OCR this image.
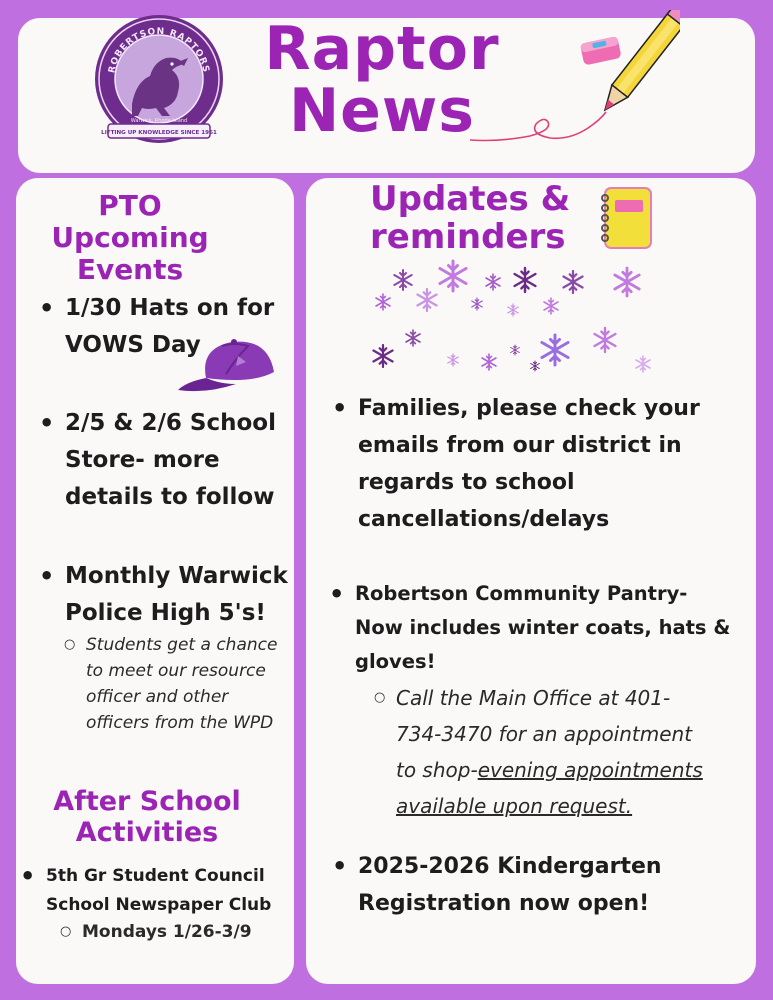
ROBERTSON RAPTORS
Warwick, Rhode Island
LIFTING UP KNOWLEDGE SINCE 1961
Raptor
News
PTO
Upcoming
Events
• 1/30 Hats on for
VOWS Day
• 2/5 & 2/6 School
Store- more
details to follow
• Monthly Warwick
Police High 5's!
○ Students get a chance
to meet our resource
officer and other
officers from the WPD
After School
Activities
• 5th Gr Student Council
School Newspaper Club
○ Mondays 1/26-3/9
Updates &
reminders
• Families, please check your
emails from our district in
regards to school
cancellations/delays
• Robertson Community Pantry-
Now includes winter coats, hats &
gloves!
○ Call the Main Office at 401-
734-3470 for an appointment
to shop-evening appointments
available upon request.
• 2025-2026 Kindergarten
Registration now open!
